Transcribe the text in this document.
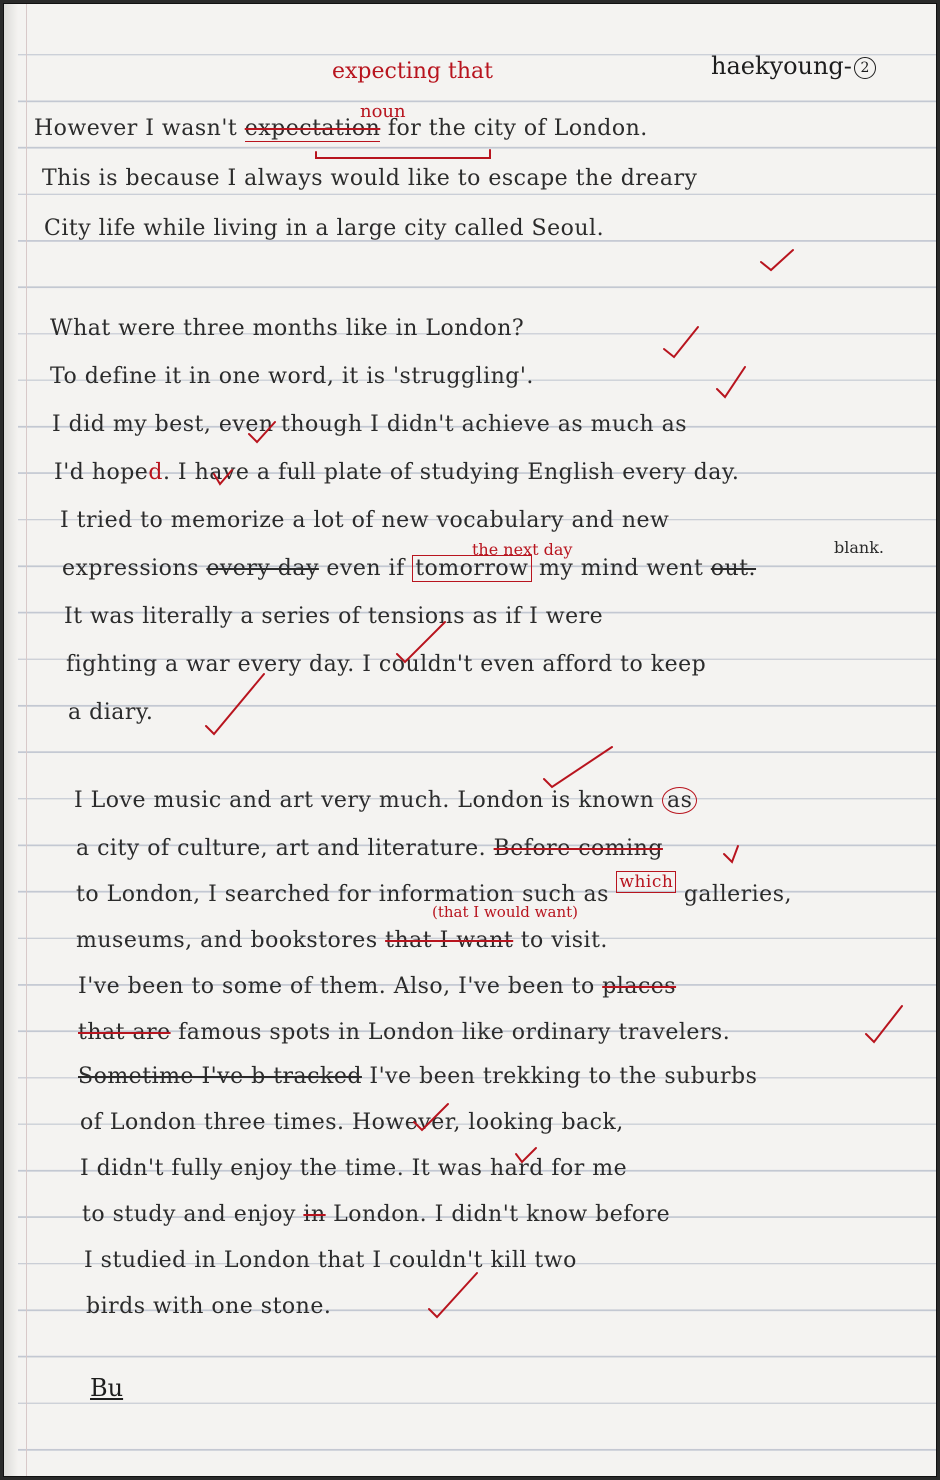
expecting that	haekyoung- 2
noun
However I wasn't expectation for the city of London.
This is because I always would like to escape the dreary
City life while living in a large city called Seoul.
What were three months like in London?
To define it in one word, it is 'struggling'.
I did my best, even though I didn't achieve as much as
I'd hoped. I have a full plate of studying English every day.
I tried to memorize a lot of new vocabulary and new
the next day	blank.
expressions every day even if tomorrow my mind went out.
It was literally a series of tensions as if I were
fighting a war every day. I couldn't even afford to keep
a diary.
I Love music and art very much. London is known as
a city of culture, art and literature. Before coming
to London, I searched for information such as $^{which}$ galleries,
(that I would want)
museums, and bookstores that I want to visit.
I've been to some of them. Also, I've been to places
that are famous spots in London like ordinary travelers.
Sometime I've b tracked I've been trekking to the suburbs
of London three times. However, looking back,
I didn't fully enjoy the time. It was hard for me
to study and enjoy in London. I didn't know before
I studied in London that I couldn't kill two
birds with one stone.
Bu
